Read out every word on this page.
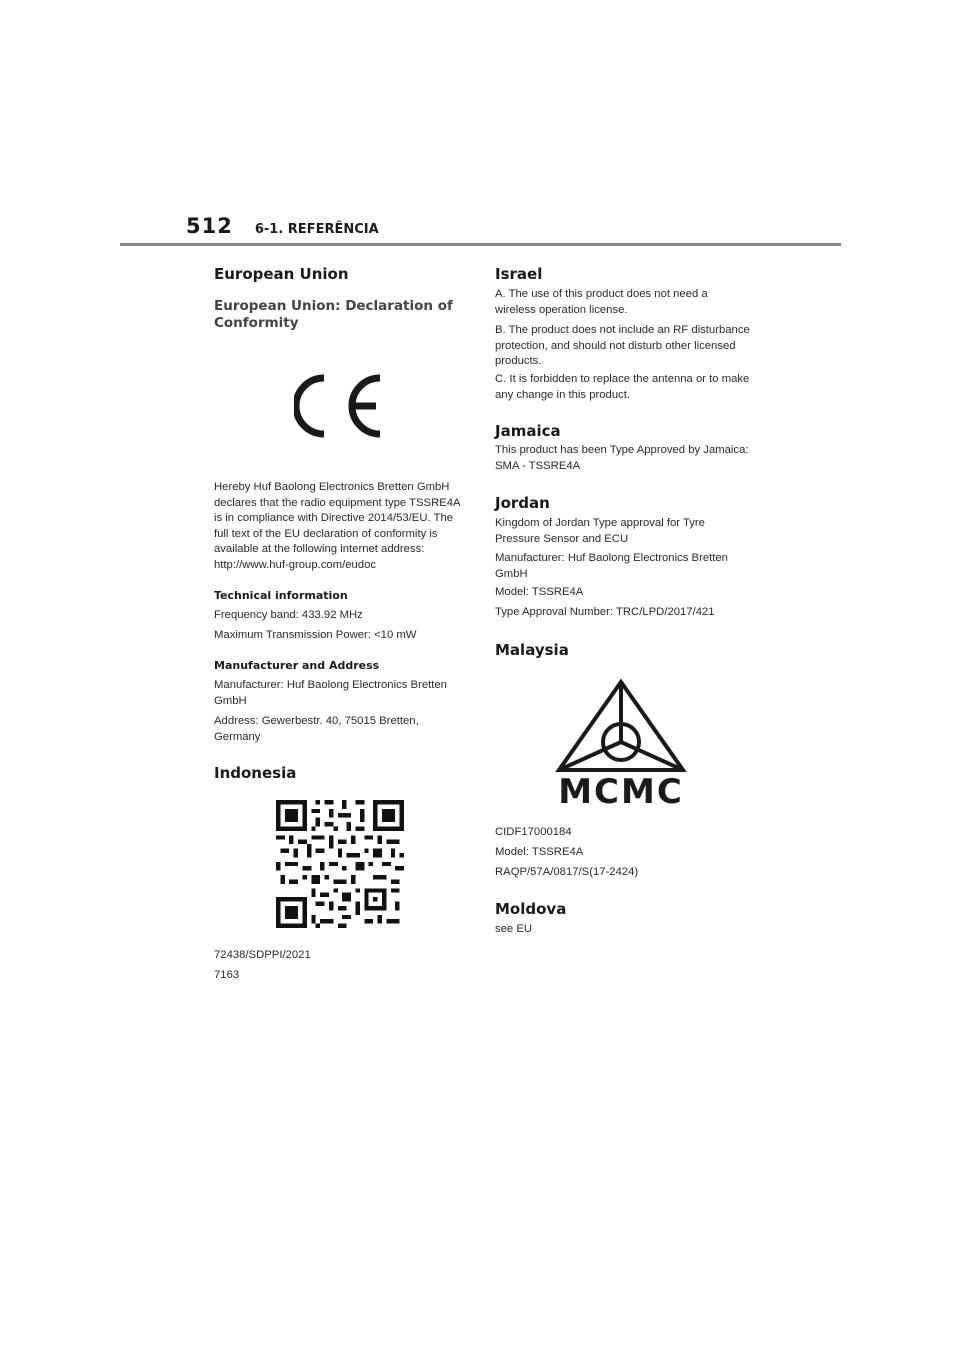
512 6-1. REFERÊNCIA
European Union
European Union: Declaration of Conformity

Hereby Huf Baolong Electronics Bretten GmbH declares that the radio equipment type TSSRE4A is in compliance with Directive 2014/53/EU. The full text of the EU declaration of conformity is available at the following internet address: http://www.huf-group.com/eudoc

Technical information

Frequency band: 433.92 MHz

Maximum Transmission Power: <10 mW

Manufacturer and Address

Manufacturer: Huf Baolong Electronics Bretten GmbH

Address: Gewerbestr. 40, 75015 Bretten, Germany

Indonesia

72438/SDPPI/2021

7163

Israel

A. The use of this product does not need a wireless operation license.

B. The product does not include an RF disturbance protection, and should not disturb other licensed products.

C. It is forbidden to replace the antenna or to make any change in this product.

Jamaica

This product has been Type Approved by Jamaica: SMA - TSSRE4A

Jordan

Kingdom of Jordan Type approval for Tyre Pressure Sensor and ECU

Manufacturer: Huf Baolong Electronics Bretten GmbH

Model: TSSRE4A

Type Approval Number: TRC/LPD/2017/421

Malaysia
MCMC

CIDF17000184

Model: TSSRE4A

RAQP/57A/0817/S(17-2424)

Moldova

see EU
